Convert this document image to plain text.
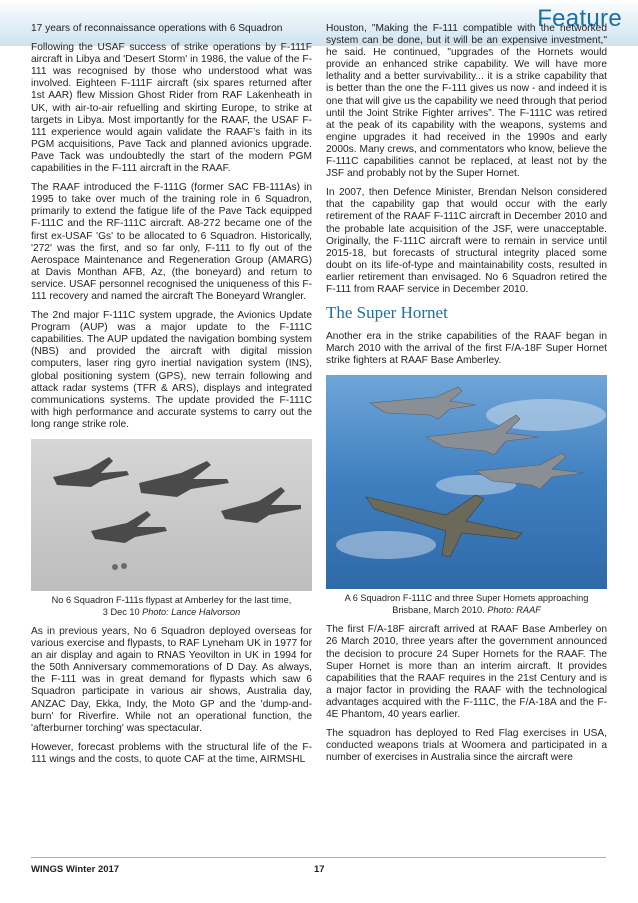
Feature

17 years of reconnaissance operations with 6 Squadron

Following the USAF success of strike operations by F-111F aircraft in Libya and 'Desert Storm' in 1986, the value of the F-111 was recognised by those who understood what was involved. Eighteen F-111F aircraft (six spares returned after 1st AAR) flew Mission Ghost Rider from RAF Lakenheath in UK, with air-to-air refuelling and skirting Europe, to strike at targets in Libya. Most importantly for the RAAF, the USAF F-111 experience would again validate the RAAF’s faith in its PGM acquisitions, Pave Tack and planned avionics upgrade. Pave Tack was undoubtedly the start of the modern PGM capabilities in the F-111 aircraft in the RAAF.

The RAAF introduced the F-111G (former SAC FB-111As) in 1995 to take over much of the training role in 6 Squadron, primarily to extend the fatigue life of the Pave Tack equipped F-111C and the RF-111C aircraft. A8-272 became one of the first ex-USAF 'Gs' to be allocated to 6 Squadron. Historically, '272' was the first, and so far only, F-111 to fly out of the Aerospace Maintenance and Regeneration Group (AMARG) at Davis Monthan AFB, Az, (the boneyard) and return to service. USAF personnel recognised the uniqueness of this F-111 recovery and named the aircraft The Boneyard Wrangler.

The 2nd major F-111C system upgrade, the Avionics Update Program (AUP) was a major update to the F-111C capabilities. The AUP updated the navigation bombing system (NBS) and provided the aircraft with digital mission computers, laser ring gyro inertial navigation system (INS), global positioning system (GPS), new terrain following and attack radar systems (TFR & ARS), displays and integrated communications systems. The update provided the F-111C with high performance and accurate systems to carry out the long range strike role.

No 6 Squadron F-111s flypast at Amberley for the last time,
3 Dec 10 Photo: Lance Halvorson

As in previous years, No 6 Squadron deployed overseas for various exercise and flypasts, to RAF Lyneham UK in 1977 for an air display and again to RNAS Yeovilton in UK in 1994 for the 50th Anniversary commemorations of D Day. As always, the F-111 was in great demand for flypasts which saw 6 Squadron participate in various air shows, Australia day, ANZAC Day, Ekka, Indy, the Moto GP and the 'dump-and-burn' for Riverfire. While not an operational function, the 'afterburner torching' was spectacular.

However, forecast problems with the structural life of the F-111 wings and the costs, to quote CAF at the time, AIRMSHL

Houston, "Making the F-111 compatible with the networked system can be done, but it will be an expensive investment," he said. He continued, "upgrades of the Hornets would provide an enhanced strike capability. We will have more lethality and a better survivability... it is a strike capability that is better than the one the F-111 gives us now - and indeed it is one that will give us the capability we need through that period until the Joint Strike Fighter arrives”. The F-111C was retired at the peak of its capability with the weapons, systems and engine upgrades it had received in the 1990s and early 2000s. Many crews, and commentators who know, believe the F-111C capabilities cannot be replaced, at least not by the JSF and probably not by the Super Hornet.

In 2007, then Defence Minister, Brendan Nelson considered that the capability gap that would occur with the early retirement of the RAAF F-111C aircraft in December 2010 and the probable late acquisition of the JSF, were unacceptable. Originally, the F-111C aircraft were to remain in service until 2015-18, but forecasts of structural integrity placed some doubt on its life-of-type and maintainability costs, resulted in earlier retirement than envisaged. No 6 Squadron retired the F-111 from RAAF service in December 2010.

The Super Hornet

Another era in the strike capabilities of the RAAF began in March 2010 with the arrival of the first F/A-18F Super Hornet strike fighters at RAAF Base Amberley.

A 6 Squadron F-111C and three Super Hornets approaching
Brisbane, March 2010. Photo: RAAF

The first F/A-18F aircraft arrived at RAAF Base Amberley on 26 March 2010, three years after the government announced the decision to procure 24 Super Hornets for the RAAF. The Super Hornet is more than an interim aircraft. It provides capabilities that the RAAF requires in the 21st Century and is a major factor in providing the RAAF with the technological advantages acquired with the F-111C, the F/A-18A and the F-4E Phantom, 40 years earlier.

The squadron has deployed to Red Flag exercises in USA, conducted weapons trials at Woomera and participated in a number of exercises in Australia since the aircraft were

WINGS Winter 2017	17
